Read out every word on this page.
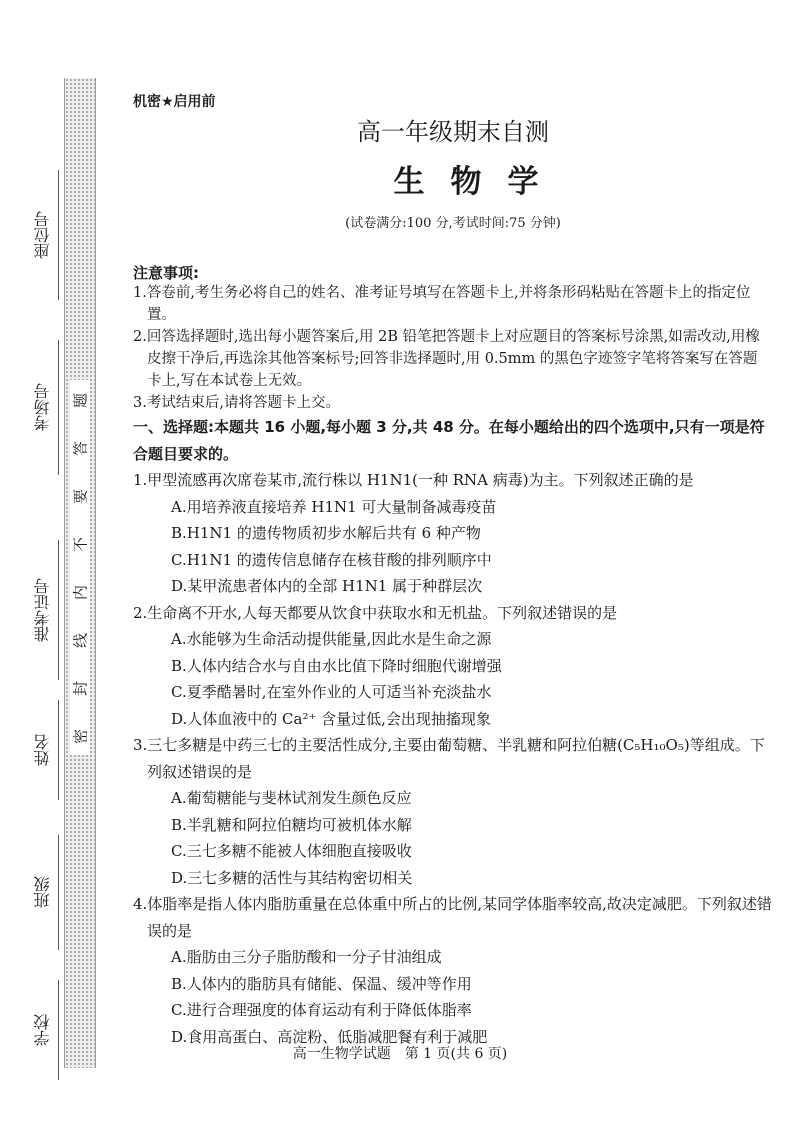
座位号
考场号
准考证号
姓名
班级
学校
题
答
要
不
内
线
封
密
机密★启用前
高一年级期末自测
生物学
(试卷满分:100 分,考试时间:75 分钟)
注意事项:
1.答卷前,考生务必将自己的姓名、准考证号填写在答题卡上,并将条形码粘贴在答题卡上的指定位置。
2.回答选择题时,选出每小题答案后,用 2B 铅笔把答题卡上对应题目的答案标号涂黑,如需改动,用橡皮擦干净后,再选涂其他答案标号;回答非选择题时,用 0.5mm 的黑色字迹签字笔将答案写在答题卡上,写在本试卷上无效。
3.考试结束后,请将答题卡上交。
一、选择题:本题共 16 小题,每小题 3 分,共 48 分。在每小题给出的四个选项中,只有一项是符合题目要求的。
1.甲型流感再次席卷某市,流行株以 H1N1(一种 RNA 病毒)为主。下列叙述正确的是
A.用培养液直接培养 H1N1 可大量制备减毒疫苗
B.H1N1 的遗传物质初步水解后共有 6 种产物
C.H1N1 的遗传信息储存在核苷酸的排列顺序中
D.某甲流患者体内的全部 H1N1 属于种群层次
2.生命离不开水,人每天都要从饮食中获取水和无机盐。下列叙述错误的是
A.水能够为生命活动提供能量,因此水是生命之源
B.人体内结合水与自由水比值下降时细胞代谢增强
C.夏季酷暑时,在室外作业的人可适当补充淡盐水
D.人体血液中的 Ca²⁺ 含量过低,会出现抽搐现象
3.三七多糖是中药三七的主要活性成分,主要由葡萄糖、半乳糖和阿拉伯糖(C₅H₁₀O₅)等组成。下列叙述错误的是
A.葡萄糖能与斐林试剂发生颜色反应
B.半乳糖和阿拉伯糖均可被机体水解
C.三七多糖不能被人体细胞直接吸收
D.三七多糖的活性与其结构密切相关
4.体脂率是指人体内脂肪重量在总体重中所占的比例,某同学体脂率较高,故决定减肥。下列叙述错误的是
A.脂肪由三分子脂肪酸和一分子甘油组成
B.人体内的脂肪具有储能、保温、缓冲等作用
C.进行合理强度的体育运动有利于降低体脂率
D.食用高蛋白、高淀粉、低脂减肥餐有利于减肥
高一生物学试题　第 1 页(共 6 页)
